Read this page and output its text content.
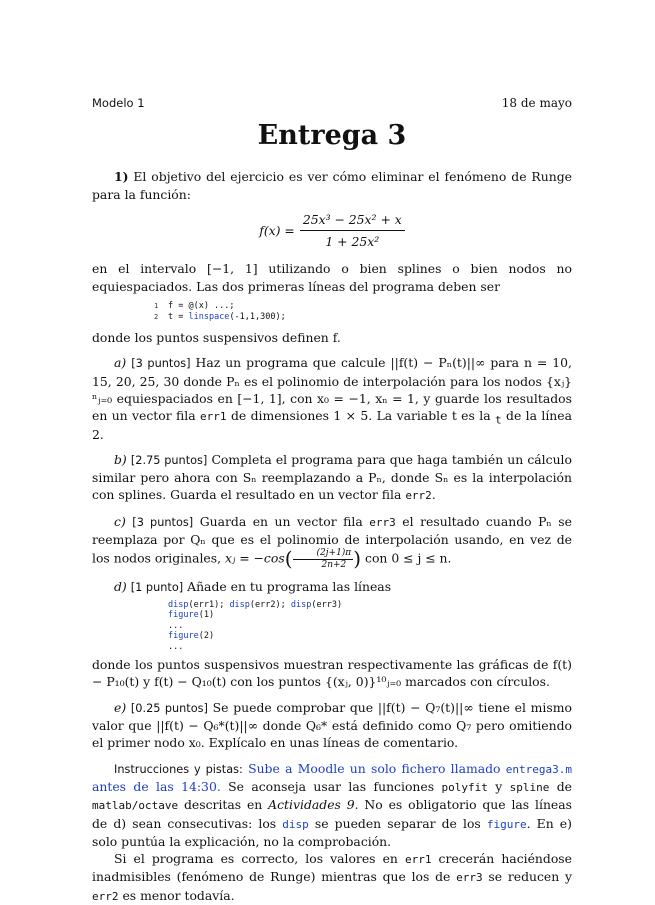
Modelo 1	18 de mayo
Entrega 3

1) El objetivo del ejercicio es ver cómo eliminar el fenómeno de Runge para la función:

$f(x) = \frac{\text{25x³ − 25x² + x}}{\text{1 + 25x²}}$

en el intervalo [−1, 1] utilizando o bien splines o bien nodos no equiespaciados. Las dos primeras líneas del programa deben ser

1 f = @(x) ...;
2 t = linspace(-1,1,300);

donde los puntos suspensivos definen f.

a) [3 puntos] Haz un programa que calcule ||f(t) − Pₙ(t)||∞ para n = 10, 15, 20, 25, 30 donde Pₙ es el polinomio de interpolación para los nodos {xⱼ}ⁿⱼ₌₀ equiespaciados en [−1, 1], con x₀ = −1, xₙ = 1, y guarde los resultados en un vector fila err1 de dimensiones 1 × 5. La variable t es la $_t$ de la línea 2.

b) [2.75 puntos] Completa el programa para que haga también un cálculo similar pero ahora con Sₙ reemplazando a Pₙ, donde Sₙ es la interpolación con splines. Guarda el resultado en un vector fila err2.

c) [3 puntos] Guarda en un vector fila err3 el resultado cuando Pₙ se reemplaza por Qₙ que es el polinomio de interpolación usando, en vez de los nodos originales, xⱼ = $-\cos( \frac{(2j+1)\pi}{2n+2}$ ) con 0 ≤ j ≤ n.

d) [1 punto] Añade en tu programa las líneas

disp(err1); disp(err2); disp(err3)
figure(1)
...
figure(2)
...

donde los puntos suspensivos muestran respectivamente las gráficas de f(t) − P₁₀(t) y f(t) − Q₁₀(t) con los puntos {(xⱼ, 0)}¹⁰ⱼ₌₀ marcados con círculos.

e) [0.25 puntos] Se puede comprobar que ||f(t) − Q₇(t)||∞ tiene el mismo valor que ||f(t) − Q₆*(t)||∞ donde Q₆* está definido como Q₇ pero omitiendo el primer nodo x₀. Explícalo en unas líneas de comentario.

Instrucciones y pistas: Sube a Moodle un solo fichero llamado entrega3.m antes de las 14:30. Se aconseja usar las funciones polyfit y spline de matlab/octave descritas en Actividades 9. No es obligatorio que las líneas de d) sean consecutivas: los disp se pueden separar de los figure. En e) solo puntúa la explicación, no la comprobación.

Si el programa es correcto, los valores en err1 crecerán haciéndose inadmisibles (fenómeno de Runge) mientras que los de err3 se reducen y err2 es menor todavía.
